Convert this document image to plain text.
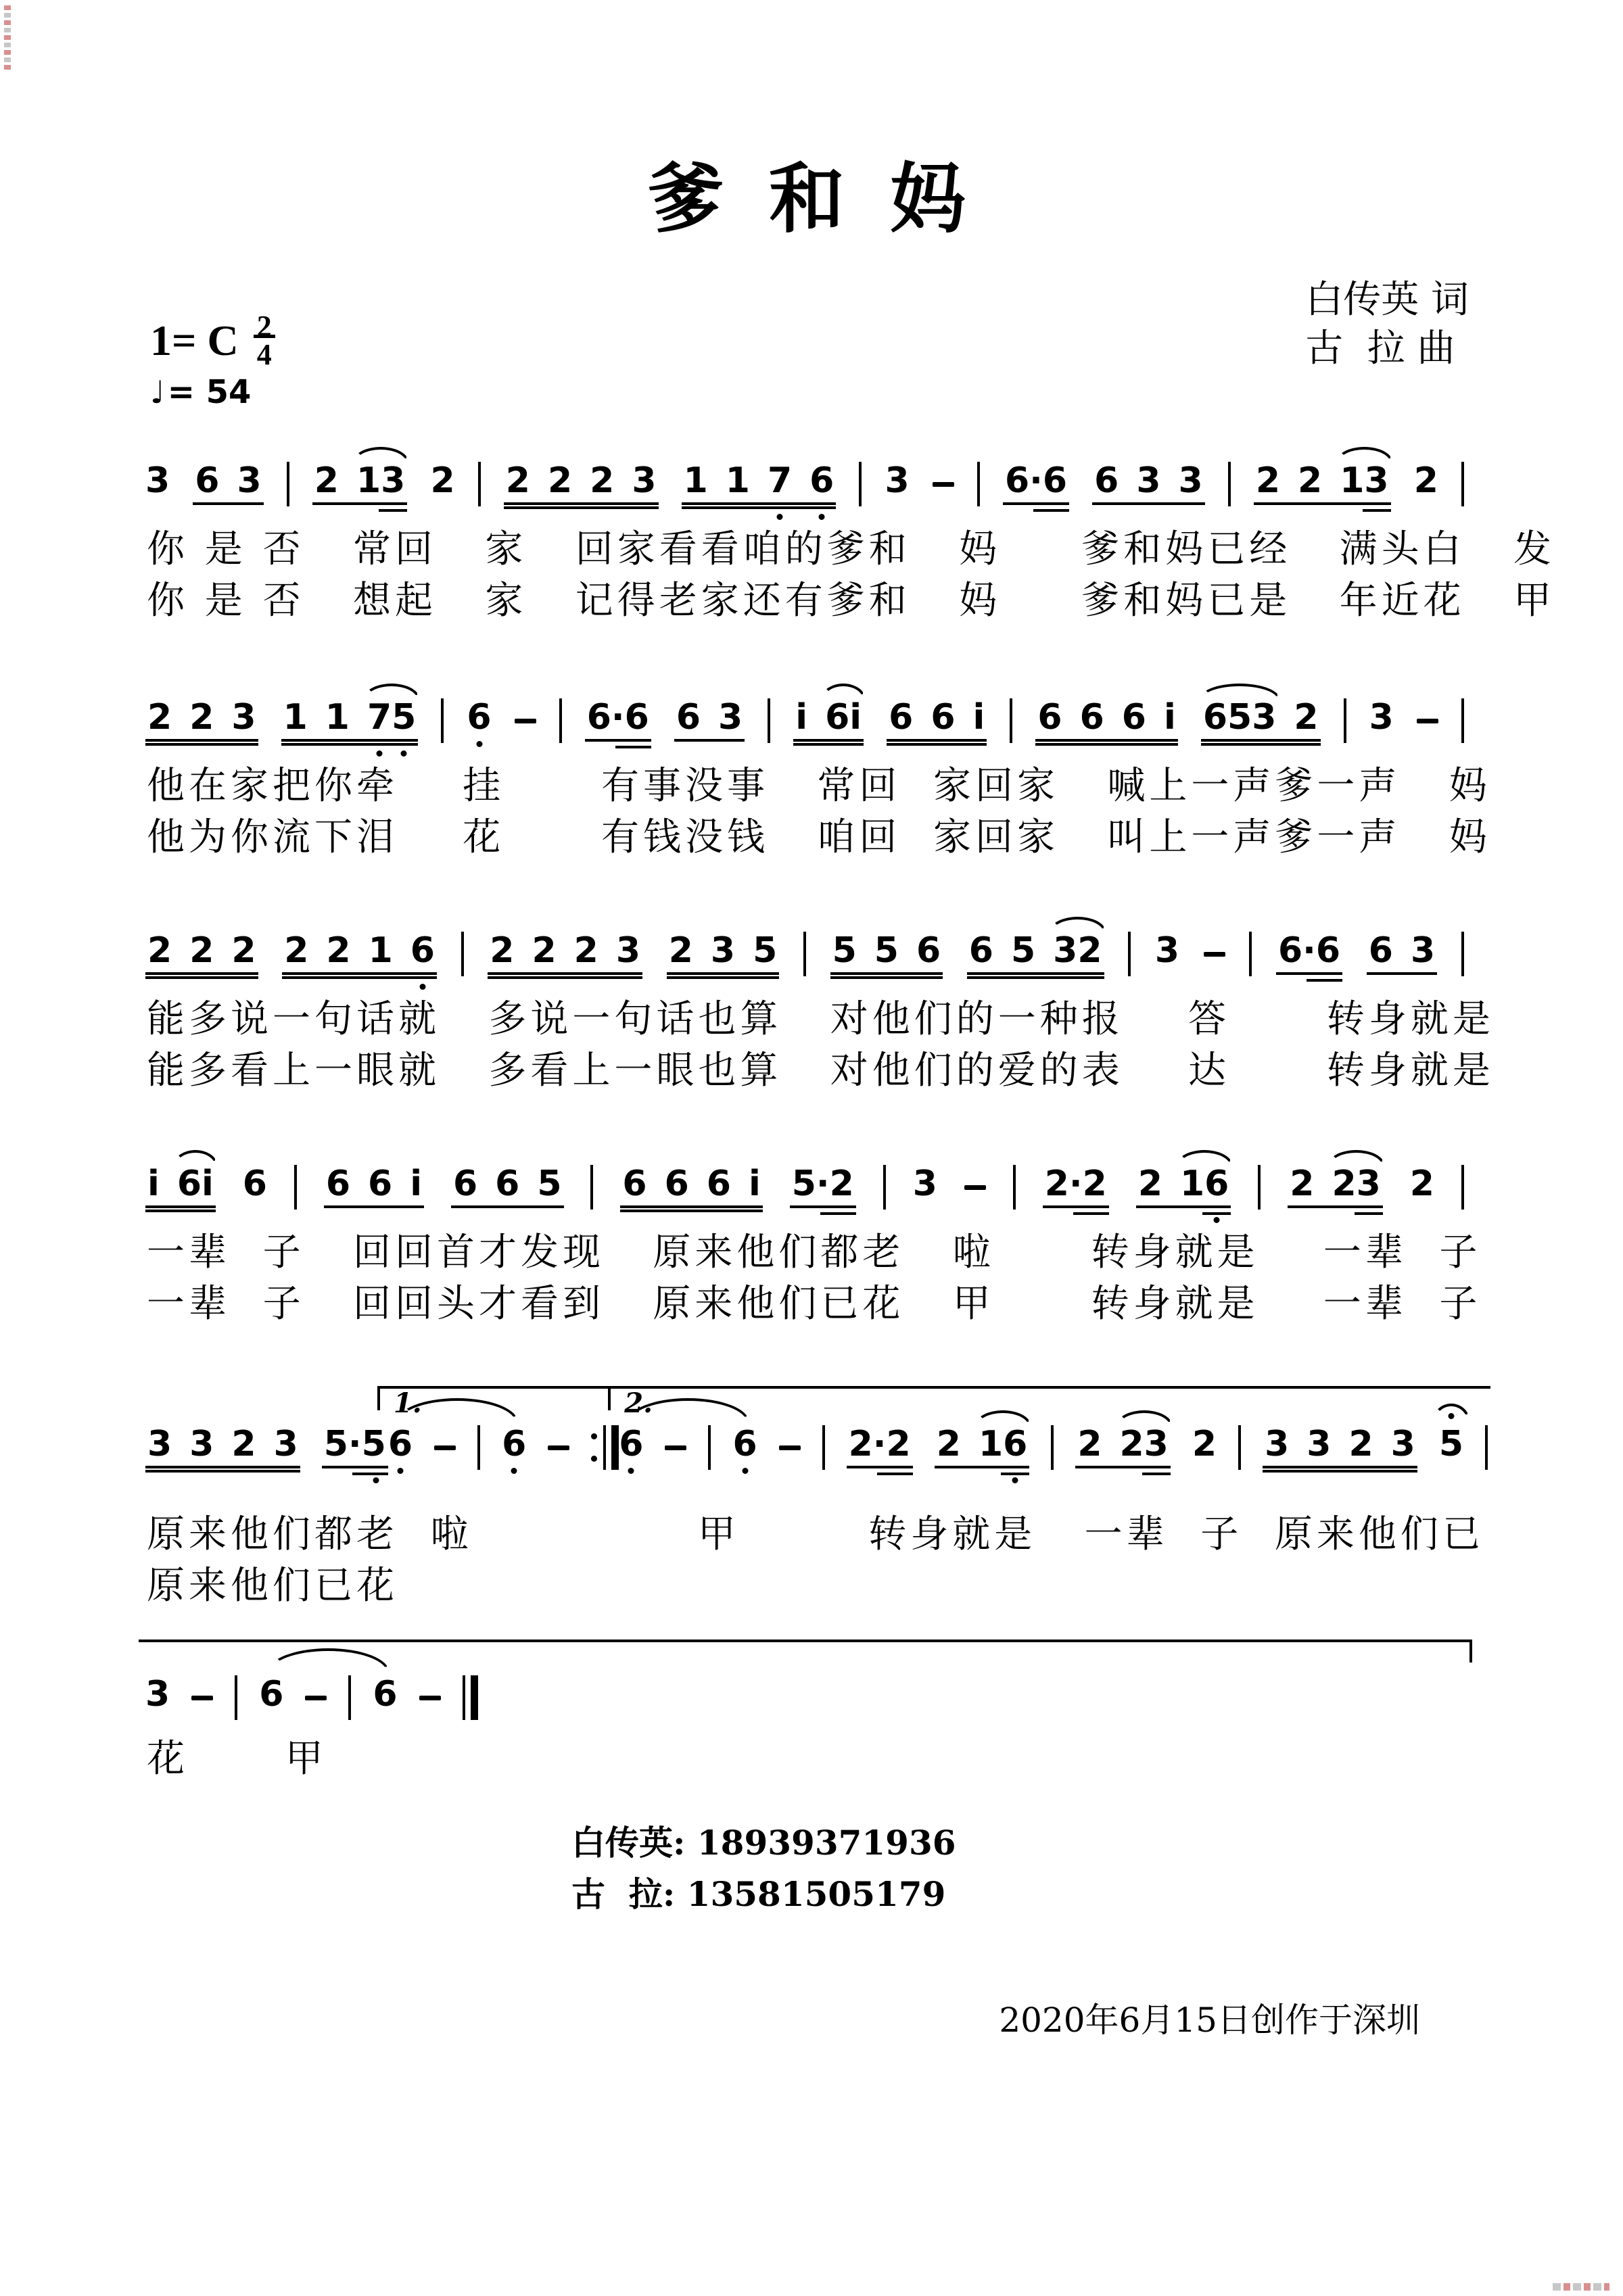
爹 和 妈
白传英 词
古  拉 曲
1= C $\frac{2}{4}$
♩ = 54
3 6 3 2 13 2 2 2 2 3 1 1 7 6 3	6·6 6 3 3 2 2 13 2
你 是 否   常回   家   回家看看咱的爹和   妈     爹和妈已经   满头白   发
你 是 否   想起   家   记得老家还有爹和   妈     爹和妈已是   年近花   甲
2 2 3 1 1 75 6	6·6 6 3 i 6i 6 6 i 6 6 6 i 653 2 3
他在家把你牵    挂      有事没事   常回  家回家   喊上一声爹一声   妈
他为你流下泪    花      有钱没钱   咱回  家回家   叫上一声爹一声   妈
2 2 2 2 2 1 6 2 2 2 3 2 3 5 5 5 6 6 5 32 3	6·6 6 3
能多说一句话就   多说一句话也算   对他们的一种报    答      转身就是
能多看上一眼就   多看上一眼也算   对他们的爱的表    达      转身就是
i 6i 6 6 6 i 6 6 5 6 6 6 i 5·2 3	2·2 2 16 2 23 2
一辈  子   回回首才发现   原来他们都老   啦      转身就是    一辈  子
一辈  子   回回头才看到   原来他们已花   甲      转身就是    一辈  子
3 3 2 3 5·5
1.
6	6
2.
6	6	2·2 2 16 2 23 2 3 3 2 3 5
原来他们都老  啦              甲        转身就是   一辈  子  原来他们已
原来他们已花
3	6	6
花      甲
白传英: 18939371936
古  拉: 13581505179
2020年6月15日创作于深圳
